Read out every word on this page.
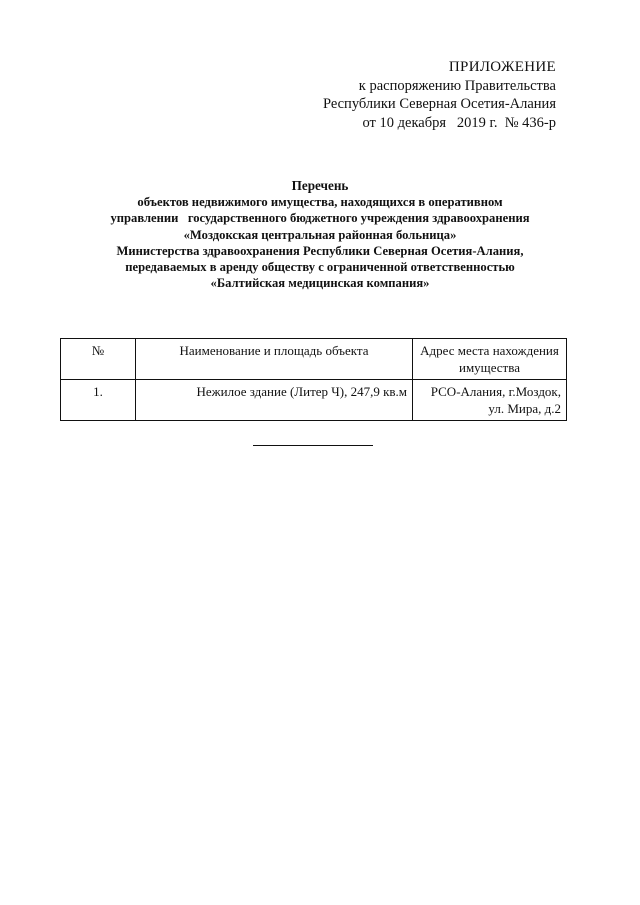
ПРИЛОЖЕНИЕ
к распоряжению Правительства
Республики Северная Осетия-Алания
от 10 декабря   2019 г.  № 436-р
Перечень
объектов недвижимого имущества, находящихся в оперативном
управлении   государственного бюджетного учреждения здравоохранения
«Моздокская центральная районная больница»
Министерства здравоохранения Республики Северная Осетия-Алания,
передаваемых в аренду обществу с ограниченной ответственностью
«Балтийская медицинская компания»
№	Наименование и площадь объекта	Адрес места нахождения имущества
1.	Нежилое здание (Литер Ч), 247,9 кв.м	РСО-Алания, г.Моздок,
ул. Мира, д.2
